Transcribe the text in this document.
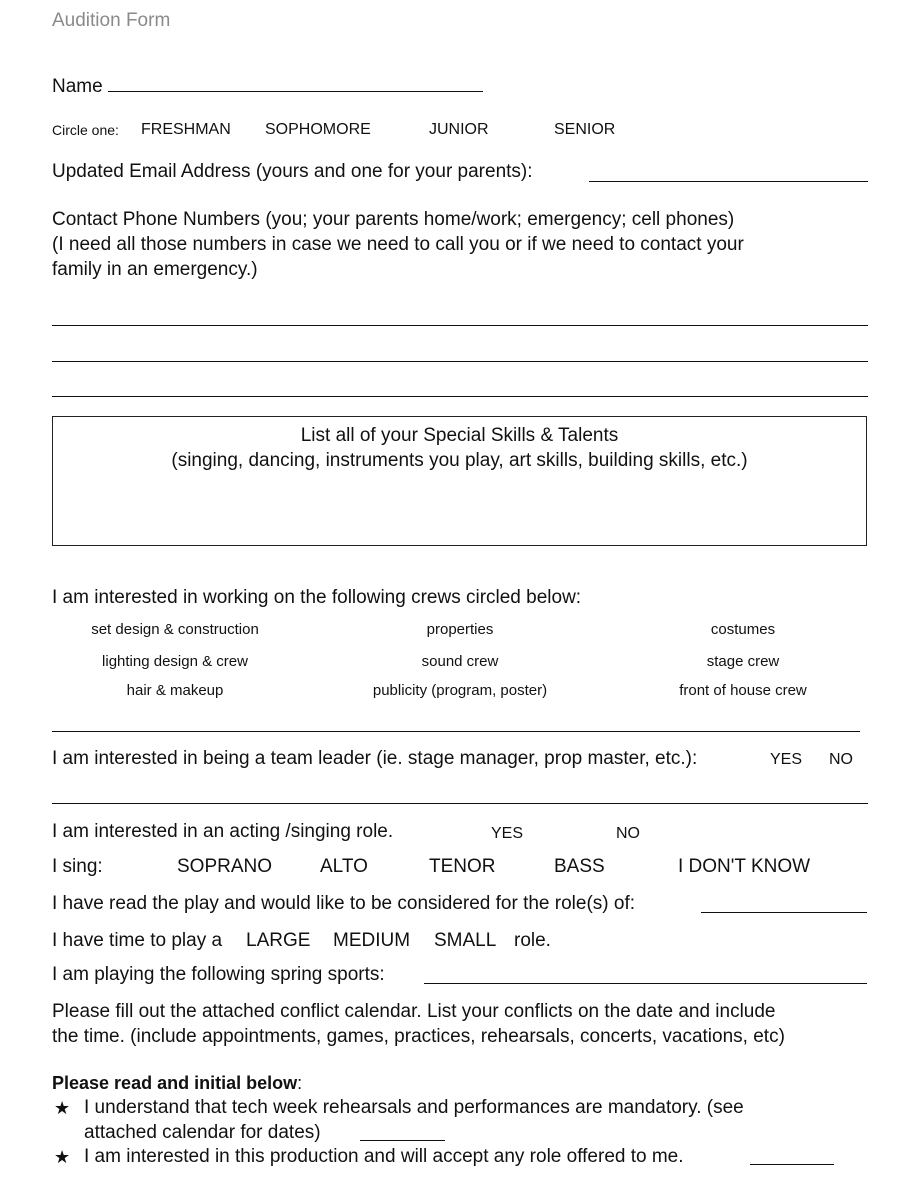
Audition Form
Name
Circle one: FRESHMAN SOPHOMORE	JUNIOR	SENIOR
Updated Email Address (yours and one for your parents):
Contact Phone Numbers (you; your parents home/work; emergency; cell phones)
(I need all those numbers in case we need to call you or if we need to contact your
family in an emergency.)
List all of your Special Skills & Talents
(singing, dancing, instruments you play, art skills, building skills, etc.)
I am interested in working on the following crews circled below:
set design & construction	properties	costumes
lighting design & crew	sound crew	stage crew
hair & makeup	publicity (program, poster)	front of house crew
I am interested in being a team leader (ie. stage manager, prop master, etc.):	YES NO
I am interested in an acting /singing role.	YES	NO
I sing:	SOPRANO	ALTO	TENOR	BASS	I DON'T KNOW
I have read the play and would like to be considered for the role(s) of:
I have time to play a LARGE MEDIUM SMALL role.
I am playing the following spring sports:
Please fill out the attached conflict calendar. List your conflicts on the date and include
the time. (include appointments, games, practices, rehearsals, concerts, vacations, etc)
Please read and initial below:
★ I understand that tech week rehearsals and performances are mandatory. (see
attached calendar for dates)
★ I am interested in this production and will accept any role offered to me.
